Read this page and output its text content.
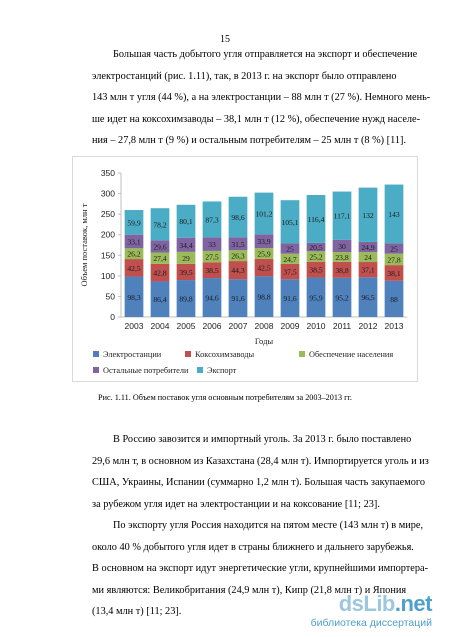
15
Большая часть добытого угля отправляется на экспорт и обеспечение
электростанций (рис. 1.11), так, в 2013 г. на экспорт было отправлено
143 млн т угля (44 %), а на электростанции – 88 млн т (27 %). Немного мень-
ше идет на коксохимзаводы – 38,1 млн т (12 %), обеспечение нужд населе-
ния – 27,8 млн т (9 %) и остальным потребителям – 25 млн т (8 %) [11].
0
50
100
150
200
250
300
350
Объем поставок, млн т
98,3
42,5
26,2
33,1
59,9
2003
86,4
42,8
27,4
29,6
78,2
2004
89,8
39,5
29
34,4
80,1
2005
94,6
38,5
27,5
33
87,3
2006
91,6
44,3
26,3
31,5
98,6
2007
98,8
42,5
25,9
33,9
101,2
2008
91,6
37,5
24,7
25
105,1
2009
95,9
38,5
25,2
20,5
116,4
2010
95,2
38,8
23,8
30
117,1
2011
96,5
37,1
24
24,9
132
2012
88
38,1
27,8
25
143
2013
Годы
Электростанции	Коксохимзаводы	Обеспечение населения
Остальные потребители Экспорт
Рис. 1.11. Объем поставок угля основным потребителям за 2003–2013 гг.
В Россию завозится и импортный уголь. За 2013 г. было поставлено
29,6 млн т, в основном из Казахстана (28,4 млн т). Импортируется уголь и из
США, Украины, Испании (суммарно 1,2 млн т). Большая часть закупаемого
за рубежом угля идет на электростанции и на коксование [11; 23].
По экспорту угля Россия находится на пятом месте (143 млн т) в мире,
около 40 % добытого угля идет в страны ближнего и дальнего зарубежья.
В основном на экспорт идут энергетические угли, крупнейшими импортера-
ми являются: Великобритания (24,9 млн т), Кипр (21,8 млн т) и Япония
(13,4 млн т) [11; 23].	dsLib.net
библиотека диссертаций
